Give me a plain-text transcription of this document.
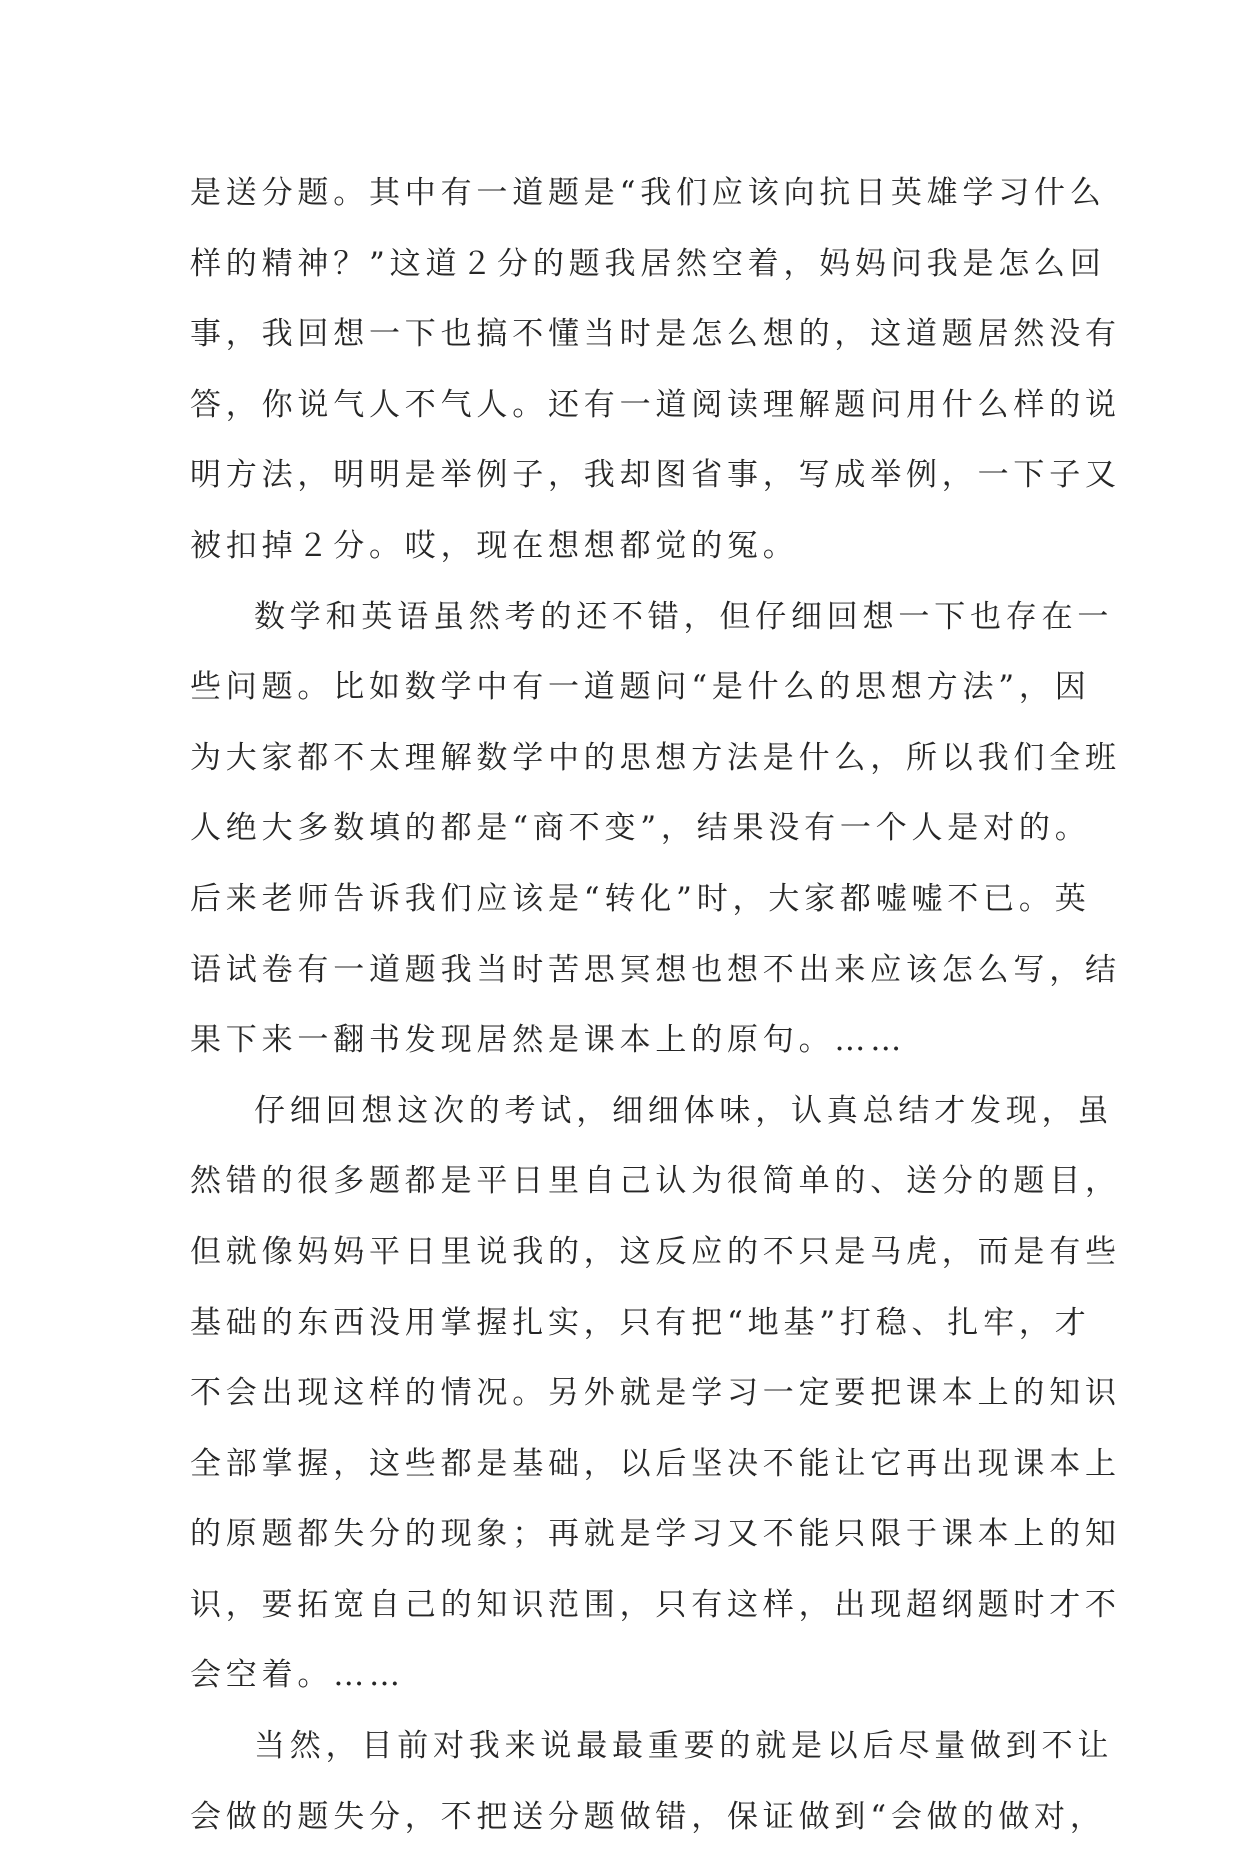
是送分题。其中有一道题是“我们应该向抗日英雄学习什么
样的精神？”这道２分的题我居然空着，妈妈问我是怎么回
事，我回想一下也搞不懂当时是怎么想的，这道题居然没有
答，你说气人不气人。还有一道阅读理解题问用什么样的说
明方法，明明是举例子，我却图省事，写成举例，一下子又
被扣掉２分。哎，现在想想都觉的冤。
数学和英语虽然考的还不错，但仔细回想一下也存在一
些问题。比如数学中有一道题问“是什么的思想方法”，因
为大家都不太理解数学中的思想方法是什么，所以我们全班
人绝大多数填的都是“商不变”，结果没有一个人是对的。
后来老师告诉我们应该是“转化”时，大家都嘘嘘不已。英
语试卷有一道题我当时苦思冥想也想不出来应该怎么写，结
果下来一翻书发现居然是课本上的原句。……
仔细回想这次的考试，细细体味，认真总结才发现，虽
然错的很多题都是平日里自己认为很简单的、送分的题目，
但就像妈妈平日里说我的，这反应的不只是马虎，而是有些
基础的东西没用掌握扎实，只有把“地基”打稳、扎牢，才
不会出现这样的情况。另外就是学习一定要把课本上的知识
全部掌握，这些都是基础，以后坚决不能让它再出现课本上
的原题都失分的现象；再就是学习又不能只限于课本上的知
识，要拓宽自己的知识范围，只有这样，出现超纲题时才不
会空着。……
当然，目前对我来说最最重要的就是以后尽量做到不让
会做的题失分，不把送分题做错，保证做到“会做的做对，
